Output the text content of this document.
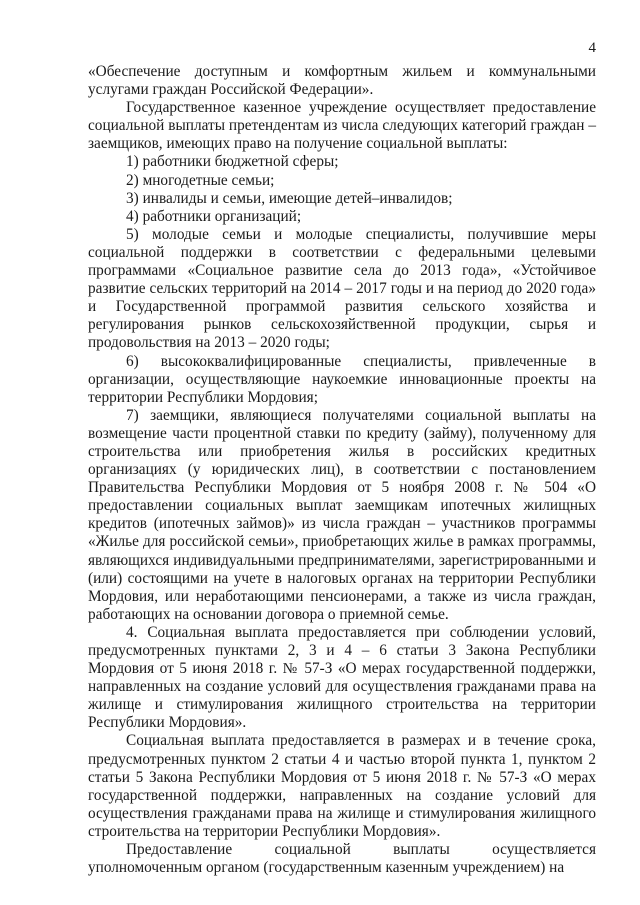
4

«Обеспечение доступным и комфортным жильем и коммунальными услугами граждан Российской Федерации».

Государственное казенное учреждение осуществляет предоставление социальной выплаты претендентам из числа следующих категорий граждан – заемщиков, имеющих право на получение социальной выплаты:

1) работники бюджетной сферы;

2) многодетные семьи;

3) инвалиды и семьи, имеющие детей–инвалидов;

4) работники организаций;

5) молодые семьи и молодые специалисты, получившие меры социальной поддержки в соответствии с федеральными целевыми программами «Социальное развитие села до 2013 года», «Устойчивое развитие сельских территорий на 2014 – 2017 годы и на период до 2020 года» и Государственной программой развития сельского хозяйства и регулирования рынков сельскохозяйственной продукции, сырья и продовольствия на 2013 – 2020 годы;

6) высококвалифицированные специалисты, привлеченные в организации, осуществляющие наукоемкие инновационные проекты на территории Республики Мордовия;

7) заемщики, являющиеся получателями социальной выплаты на возмещение части процентной ставки по кредиту (займу), полученному для строительства или приобретения жилья в российских кредитных организациях (у юридических лиц), в соответствии с постановлением Правительства Республики Мордовия от 5 ноября 2008 г. № 504 «О предоставлении социальных выплат заемщикам ипотечных жилищных кредитов (ипотечных займов)» из числа граждан – участников программы «Жилье для российской семьи», приобретающих жилье в рамках программы, являющихся индивидуальными предпринимателями, зарегистрированными и (или) состоящими на учете в налоговых органах на территории Республики Мордовия, или неработающими пенсионерами, а также из числа граждан, работающих на основании договора о приемной семье.

4. Социальная выплата предоставляется при соблюдении условий, предусмотренных пунктами 2, 3 и 4 – 6 статьи 3 Закона Республики Мордовия от 5 июня 2018 г. № 57-З «О мерах государственной поддержки, направленных на создание условий для осуществления гражданами права на жилище и стимулирования жилищного строительства на территории Республики Мордовия».

Социальная выплата предоставляется в размерах и в течение срока, предусмотренных пунктом 2 статьи 4 и частью второй пункта 1, пунктом 2 статьи 5 Закона Республики Мордовия от 5 июня 2018 г. № 57-З «О мерах государственной поддержки, направленных на создание условий для осуществления гражданами права на жилище и стимулирования жилищного строительства на территории Республики Мордовия».

Предоставление социальной выплаты осуществляется уполномоченным органом (государственным казенным учреждением) на
